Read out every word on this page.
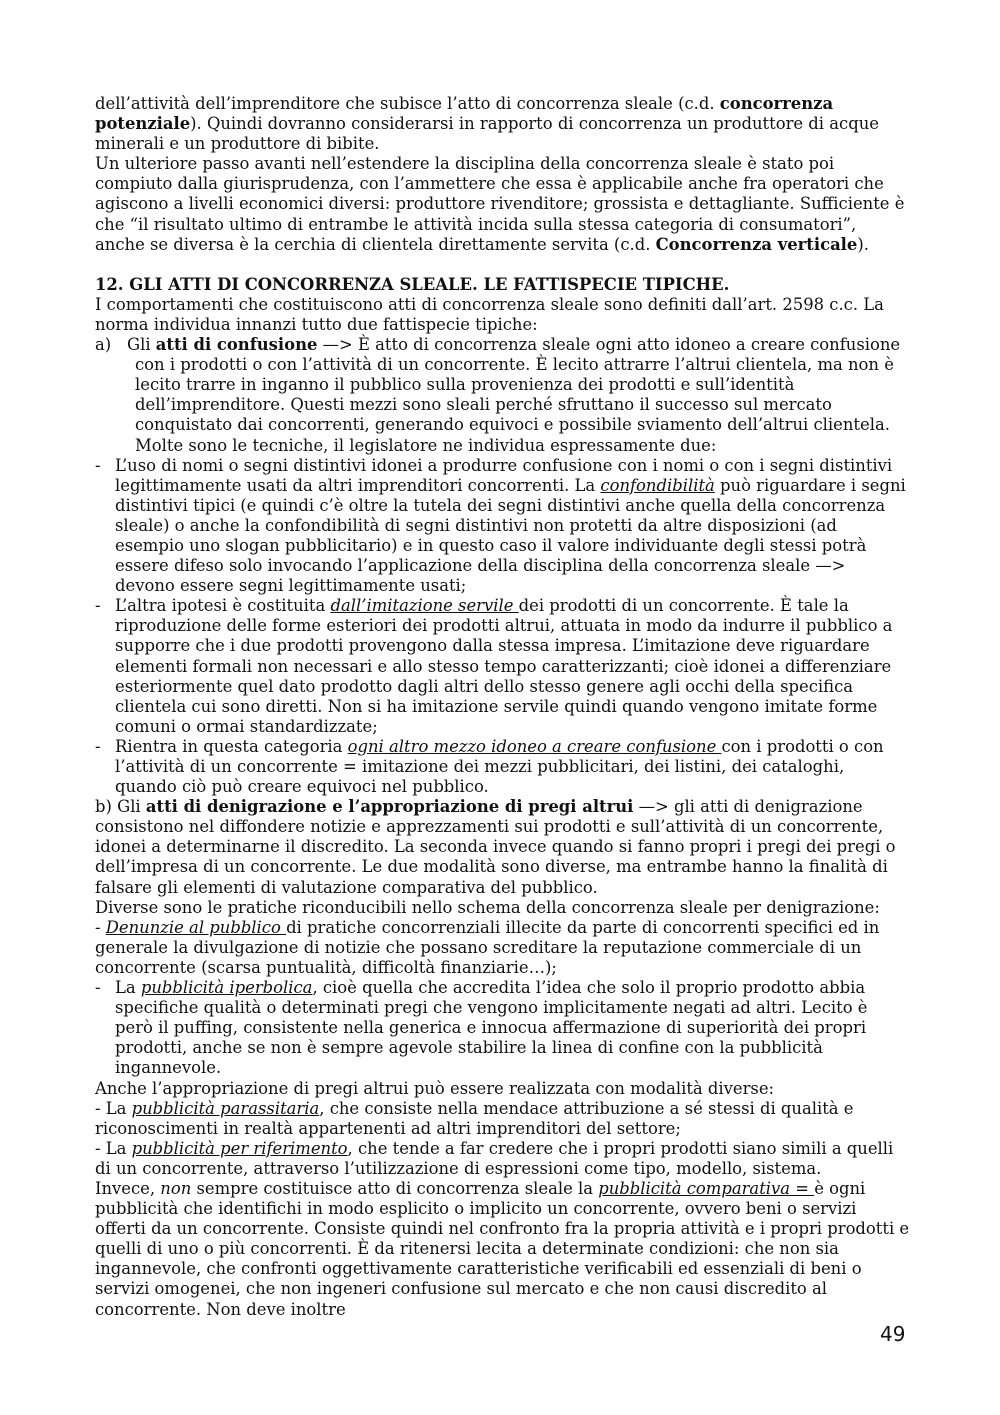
dell’attività dell’imprenditore che subisce l’atto di concorrenza sleale (c.d. concorrenza potenziale). Quindi dovranno considerarsi in rapporto di concorrenza un produttore di acque minerali e un produttore di bibite.

Un ulteriore passo avanti nell’estendere la disciplina della concorrenza sleale è stato poi compiuto dalla giurisprudenza, con l’ammettere che essa è applicabile anche fra operatori che agiscono a livelli economici diversi: produttore rivenditore; grossista e dettagliante. Sufficiente è che “il risultato ultimo di entrambe le attività incida sulla stessa categoria di consumatori”, anche se diversa è la cerchia di clientela direttamente servita (c.d. Concorrenza verticale).

12. GLI ATTI DI CONCORRENZA SLEALE. LE FATTISPECIE TIPICHE.

I comportamenti che costituiscono atti di concorrenza sleale sono definiti dall’art. 2598 c.c. La norma individua innanzi tutto due fattispecie tipiche:

a) Gli atti di confusione —> È atto di concorrenza sleale ogni atto idoneo a creare confusione con i prodotti o con l’attività di un concorrente. È lecito attrarre l’altrui clientela, ma non è lecito trarre in inganno il pubblico sulla provenienza dei prodotti e sull’identità dell’imprenditore. Questi mezzi sono sleali perché sfruttano il successo sul mercato conquistato dai concorrenti, generando equivoci e possibile sviamento dell’altrui clientela. Molte sono le tecniche, il legislatore ne individua espressamente due:
- L’uso di nomi o segni distintivi idonei a produrre confusione con i nomi o con i segni distintivi legittimamente usati da altri imprenditori concorrenti. La confondibilità può riguardare i segni distintivi tipici (e quindi c’è oltre la tutela dei segni distintivi anche quella della concorrenza sleale) o anche la confondibilità di segni distintivi non protetti da altre disposizioni (ad esempio uno slogan pubblicitario) e in questo caso il valore individuante degli stessi potrà essere difeso solo invocando l’applicazione della disciplina della concorrenza sleale —> devono essere segni legittimamente usati;
- L’altra ipotesi è costituita dall’imitazione servile dei prodotti di un concorrente. È tale la riproduzione delle forme esteriori dei prodotti altrui, attuata in modo da indurre il pubblico a supporre che i due prodotti provengono dalla stessa impresa. L’imitazione deve riguardare elementi formali non necessari e allo stesso tempo caratterizzanti; cioè idonei a differenziare esteriormente quel dato prodotto dagli altri dello stesso genere agli occhi della specifica clientela cui sono diretti. Non si ha imitazione servile quindi quando vengono imitate forme comuni o ormai standardizzate;
- Rientra in questa categoria ogni altro mezzo idoneo a creare confusione con i prodotti o con l’attività di un concorrente = imitazione dei mezzi pubblicitari, dei listini, dei cataloghi, quando ciò può creare equivoci nel pubblico.

b) Gli atti di denigrazione e l’appropriazione di pregi altrui —> gli atti di denigrazione consistono nel diffondere notizie e apprezzamenti sui prodotti e sull’attività di un concorrente, idonei a determinarne il discredito. La seconda invece quando si fanno propri i pregi dei pregi o dell’impresa di un concorrente. Le due modalità sono diverse, ma entrambe hanno la finalità di falsare gli elementi di valutazione comparativa del pubblico.

Diverse sono le pratiche riconducibili nello schema della concorrenza sleale per denigrazione:

- Denunzie al pubblico di pratiche concorrenziali illecite da parte di concorrenti specifici ed in generale la divulgazione di notizie che possano screditare la reputazione commerciale di un concorrente (scarsa puntualità, difficoltà finanziarie…);

- La pubblicità iperbolica, cioè quella che accredita l’idea che solo il proprio prodotto abbia specifiche qualità o determinati pregi che vengono implicitamente negati ad altri. Lecito è però il puffing, consistente nella generica e innocua affermazione di superiorità dei propri prodotti, anche se non è sempre agevole stabilire la linea di confine con la pubblicità ingannevole.

Anche l’appropriazione di pregi altrui può essere realizzata con modalità diverse:

- La pubblicità parassitaria, che consiste nella mendace attribuzione a sé stessi di qualità e riconoscimenti in realtà appartenenti ad altri imprenditori del settore;

- La pubblicità per riferimento, che tende a far credere che i propri prodotti siano simili a quelli di un concorrente, attraverso l’utilizzazione di espressioni come tipo, modello, sistema.

Invece, non sempre costituisce atto di concorrenza sleale la pubblicità comparativa = è ogni pubblicità che identifichi in modo esplicito o implicito un concorrente, ovvero beni o servizi offerti da un concorrente. Consiste quindi nel confronto fra la propria attività e i propri prodotti e quelli di uno o più concorrenti. È da ritenersi lecita a determinate condizioni: che non sia ingannevole, che confronti oggettivamente caratteristiche verificabili ed essenziali di beni o servizi omogenei, che non ingeneri confusione sul mercato e che non causi discredito al concorrente. Non deve inoltre

49
